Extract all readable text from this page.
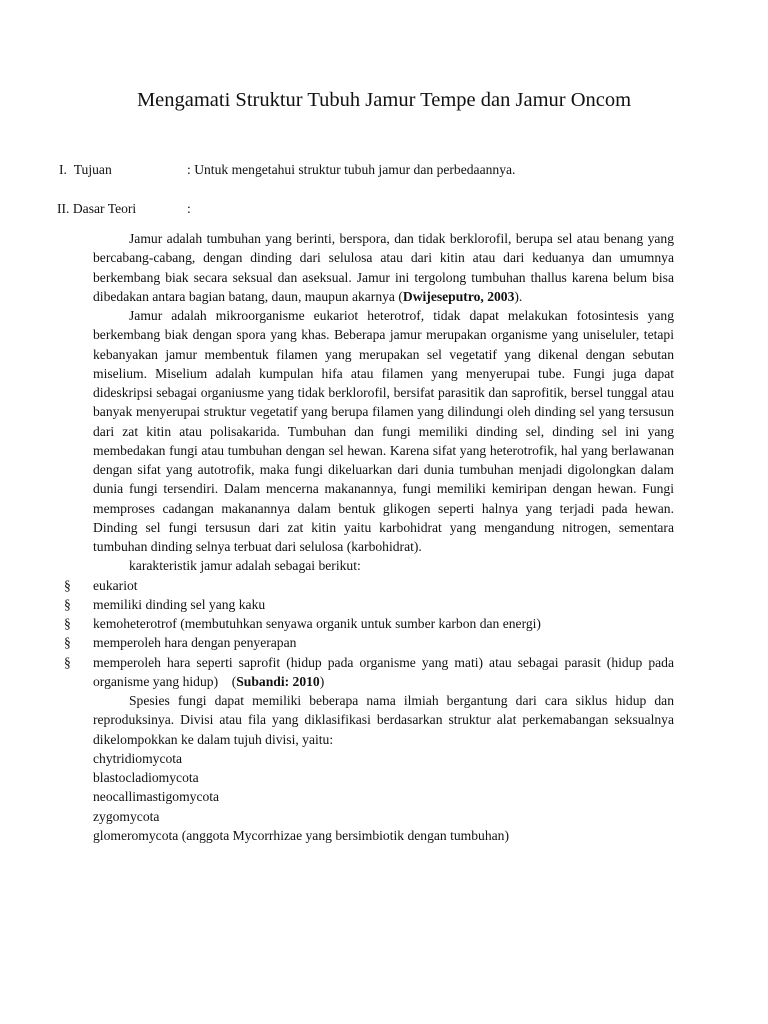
Mengamati Struktur Tubuh Jamur Tempe dan Jamur Oncom
I. Tujuan	: Untuk mengetahui struktur tubuh jamur dan perbedaannya.
II. Dasar Teori	:

Jamur adalah tumbuhan yang berinti, berspora, dan tidak berklorofil, berupa sel atau benang yang bercabang-cabang, dengan dinding dari selulosa atau dari kitin atau dari keduanya dan umumnya berkembang biak secara seksual dan aseksual. Jamur ini tergolong tumbuhan thallus karena belum bisa dibedakan antara bagian batang, daun, maupun akarnya (Dwijeseputro, 2003).

Jamur adalah mikroorganisme eukariot heterotrof, tidak dapat melakukan fotosintesis yang berkembang biak dengan spora yang khas. Beberapa jamur merupakan organisme yang uniseluler, tetapi kebanyakan jamur membentuk filamen yang merupakan sel vegetatif yang dikenal dengan sebutan miselium. Miselium adalah kumpulan hifa atau filamen yang menyerupai tube. Fungi juga dapat dideskripsi sebagai organiusme yang tidak berklorofil, bersifat parasitik dan saprofitik, bersel tunggal atau banyak menyerupai struktur vegetatif yang berupa filamen yang dilindungi oleh dinding sel yang tersusun dari zat kitin atau polisakarida. Tumbuhan dan fungi memiliki dinding sel, dinding sel ini yang membedakan fungi atau tumbuhan dengan sel hewan. Karena sifat yang heterotrofik, hal yang berlawanan dengan sifat yang autotrofik, maka fungi dikeluarkan dari dunia tumbuhan menjadi digolongkan dalam dunia fungi tersendiri. Dalam mencerna makanannya, fungi memiliki kemiripan dengan hewan. Fungi memproses cadangan makanannya dalam bentuk glikogen seperti halnya yang terjadi pada hewan. Dinding sel fungi tersusun dari zat kitin yaitu karbohidrat yang mengandung nitrogen, sementara tumbuhan dinding selnya terbuat dari selulosa (karbohidrat).

karakteristik jamur adalah sebagai berikut:

§ eukariot
§ memiliki dinding sel yang kaku
§ kemoheterotrof (membutuhkan senyawa organik untuk sumber karbon dan energi)
§ memperoleh hara dengan penyerapan
§ memperoleh hara seperti saprofit (hidup pada organisme yang mati) atau sebagai parasit (hidup pada organisme yang hidup)    (Subandi: 2010)

Spesies fungi dapat memiliki beberapa nama ilmiah bergantung dari cara siklus hidup dan reproduksinya. Divisi atau fila yang diklasifikasi berdasarkan struktur alat perkemabangan seksualnya dikelompokkan ke dalam tujuh divisi, yaitu:

chytridiomycota
blastocladiomycota
neocallimastigomycota
zygomycota
glomeromycota (anggota Mycorrhizae yang bersimbiotik dengan tumbuhan)
